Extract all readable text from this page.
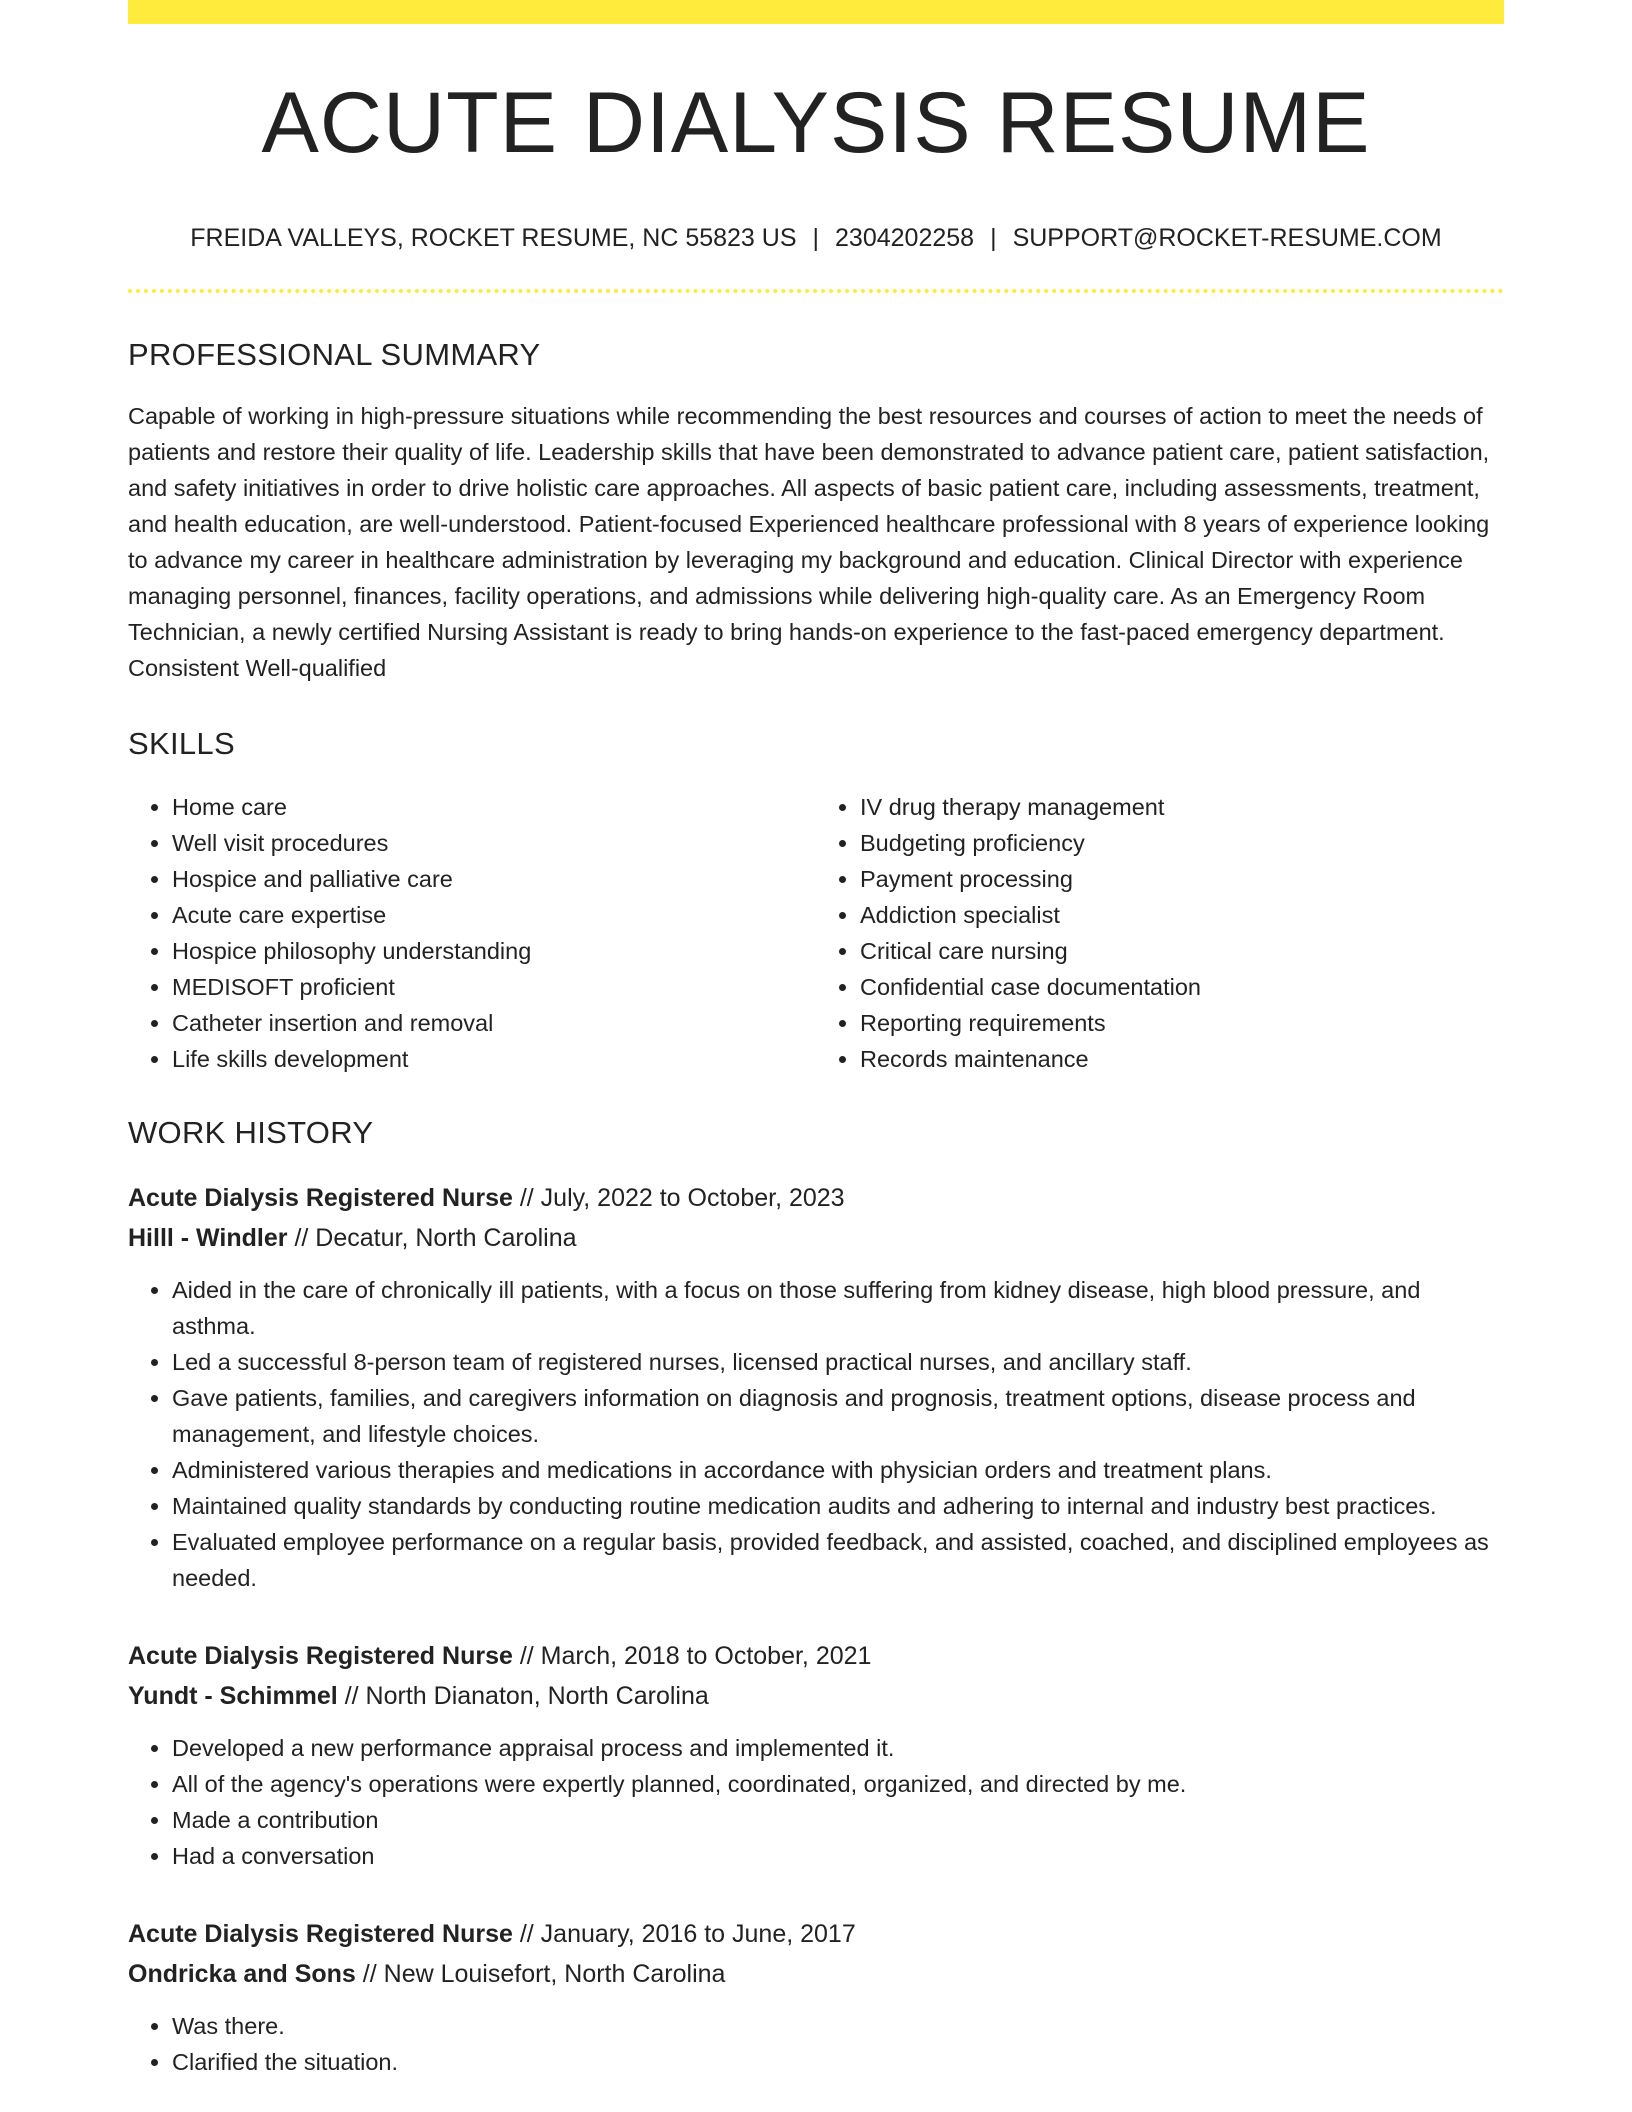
ACUTE DIALYSIS RESUME
FREIDA VALLEYS, ROCKET RESUME, NC 55823 US | 2304202258 | SUPPORT@ROCKET-RESUME.COM
PROFESSIONAL SUMMARY

Capable of working in high-pressure situations while recommending the best resources and courses of action to meet the needs of patients and restore their quality of life. Leadership skills that have been demonstrated to advance patient care, patient satisfaction, and safety initiatives in order to drive holistic care approaches. All aspects of basic patient care, including assessments, treatment, and health education, are well-understood. Patient-focused Experienced healthcare professional with 8 years of experience looking to advance my career in healthcare administration by leveraging my background and education. Clinical Director with experience managing personnel, finances, facility operations, and admissions while delivering high-quality care. As an Emergency Room Technician, a newly certified Nursing Assistant is ready to bring hands-on experience to the fast-paced emergency department. Consistent Well-qualified

SKILLS
• Home care
• Well visit procedures
• Hospice and palliative care
• Acute care expertise
• Hospice philosophy understanding
• MEDISOFT proficient
• Catheter insertion and removal
• Life skills development
• IV drug therapy management
• Budgeting proficiency
• Payment processing
• Addiction specialist
• Critical care nursing
• Confidential case documentation
• Reporting requirements
• Records maintenance
WORK HISTORY
Acute Dialysis Registered Nurse // July, 2022 to October, 2023
Hilll - Windler // Decatur, North Carolina
• Aided in the care of chronically ill patients, with a focus on those suffering from kidney disease, high blood pressure, and asthma.
• Led a successful 8-person team of registered nurses, licensed practical nurses, and ancillary staff.
• Gave patients, families, and caregivers information on diagnosis and prognosis, treatment options, disease process and management, and lifestyle choices.
• Administered various therapies and medications in accordance with physician orders and treatment plans.
• Maintained quality standards by conducting routine medication audits and adhering to internal and industry best practices.
• Evaluated employee performance on a regular basis, provided feedback, and assisted, coached, and disciplined employees as needed.
Acute Dialysis Registered Nurse // March, 2018 to October, 2021
Yundt - Schimmel // North Dianaton, North Carolina
• Developed a new performance appraisal process and implemented it.
• All of the agency's operations were expertly planned, coordinated, organized, and directed by me.
• Made a contribution
• Had a conversation
Acute Dialysis Registered Nurse // January, 2016 to June, 2017
Ondricka and Sons // New Louisefort, North Carolina
• Was there.
• Clarified the situation.
